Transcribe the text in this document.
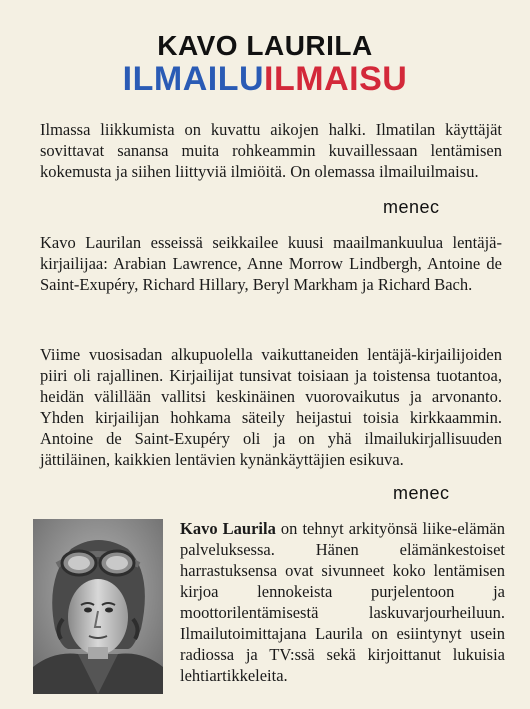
KAVO LAURILA
ILMAILUILMAISU

Ilmassa liikkumista on kuvattu aikojen halki. Ilmatilan käyttäjät sovittavat sanansa muita rohkeammin kuvaillessaan lentämisen kokemusta ja siihen liittyviä ilmiöitä. On olemassa ilmailuilmaisu.

menec

Kavo Laurilan esseissä seikkailee kuusi maailmankuulua lentäjä-kirjailijaa: Arabian Lawrence, Anne Morrow Lindbergh, Antoine de Saint-Exupéry, Richard Hillary, Beryl Markham ja Richard Bach.

Viime vuosisadan alkupuolella vaikuttaneiden lentäjä-kirjailijoiden piiri oli rajallinen. Kirjailijat tunsivat toisiaan ja toistensa tuotantoa, heidän välillään vallitsi keskinäinen vuorovaikutus ja arvonanto. Yhden kirjailijan hohkama säteily heijastui toisia kirkkaammin. Antoine de Saint-Exupéry oli ja on yhä ilmailukirjallisuuden jättiläinen, kaikkien lentävien kynänkäyttäjien esikuva.

menec

Kavo Laurila on tehnyt arkityönsä liike-elämän palveluksessa. Hänen elämänkestoiset harrastuksensa ovat sivunneet koko lentämisen kirjoa lennokeista purjelentoon ja moottorilentämisestä laskuvarjourheiluun. Ilmailutoimittajana Laurila on esiintynyt usein radiossa ja TV:ssä sekä kirjoittanut lukuisia lehtiartikkeleita.
